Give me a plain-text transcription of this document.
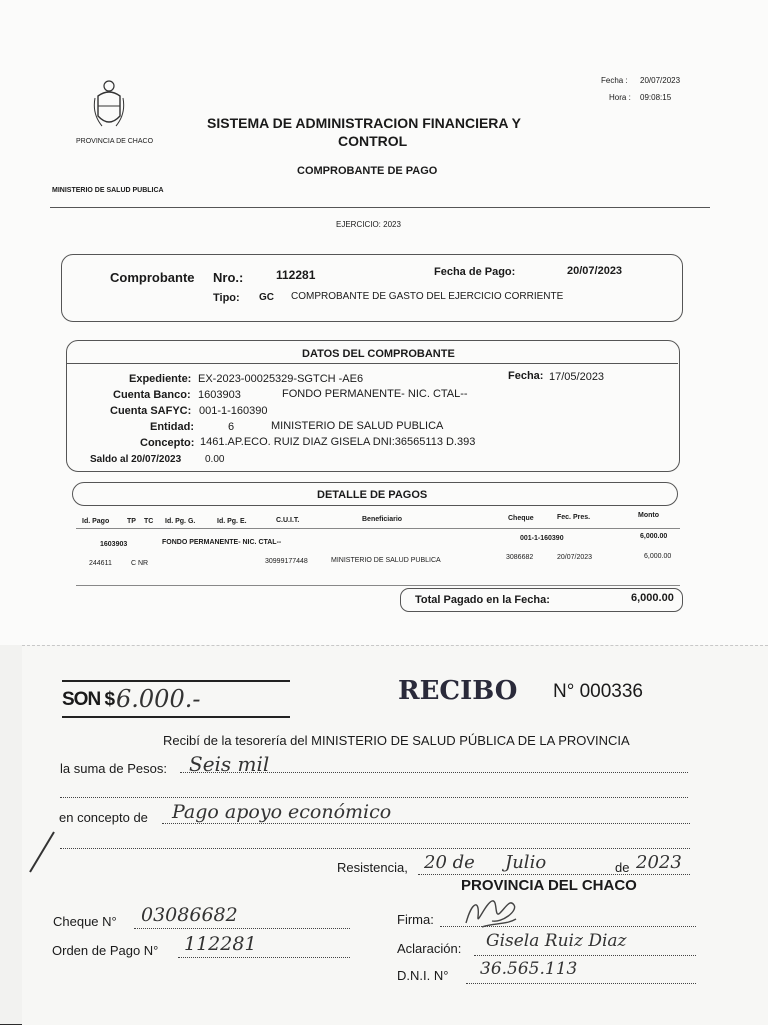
PROVINCIA DE CHACO
Fecha : 20/07/2023
Hora : 09:08:15
SISTEMA DE ADMINISTRACION FINANCIERA Y
CONTROL
COMPROBANTE DE PAGO
MINISTERIO DE SALUD PUBLICA
EJERCICIO: 2023
Comprobante Nro.:	112281	Fecha de Pago:	20/07/2023
Tipo: GC COMPROBANTE DE GASTO DEL EJERCICIO CORRIENTE
DATOS DEL COMPROBANTE
Expediente: EX-2023-00025329-SGTCH -AE6	Fecha: 17/05/2023
Cuenta Banco: 1603903	FONDO PERMANENTE- NIC. CTAL--
Cuenta SAFYC: 001-1-160390
Entidad:	6	MINISTERIO DE SALUD PUBLICA
Concepto: 1461.AP.ECO. RUIZ DIAZ GISELA DNI:36565113 D.393
Saldo al 20/07/2023 0.00
DETALLE DE PAGOS
Id. Pago	TP TC Id. Pg. G.	Id. Pg. E.	C.U.I.T.	Beneficiario	Cheque	Fec. Pres.	Monto
1603903	FONDO PERMANENTE- NIC. CTAL--
001-1-160390	6,000.00
244611	C NR	30999177448	MINISTERIO DE SALUD PUBLICA	3086682	20/07/2023	6,000.00
Total Pagado en la Fecha:	6,000.00
SON $ 6.000.-	RECIBO N° 000336
Recibí de la tesorería del MINISTERIO DE SALUD PÚBLICA DE LA PROVINCIA
la suma de Pesos: Seis mil
en concepto de Pago apoyo económico
Resistencia, 20 de Julio	de 2023
PROVINCIA DEL CHACO
Cheque N° 03086682
Orden de Pago N° 112281
Firma:
Aclaración: Gisela Ruiz Diaz
D.N.I. N° 36.565.113
